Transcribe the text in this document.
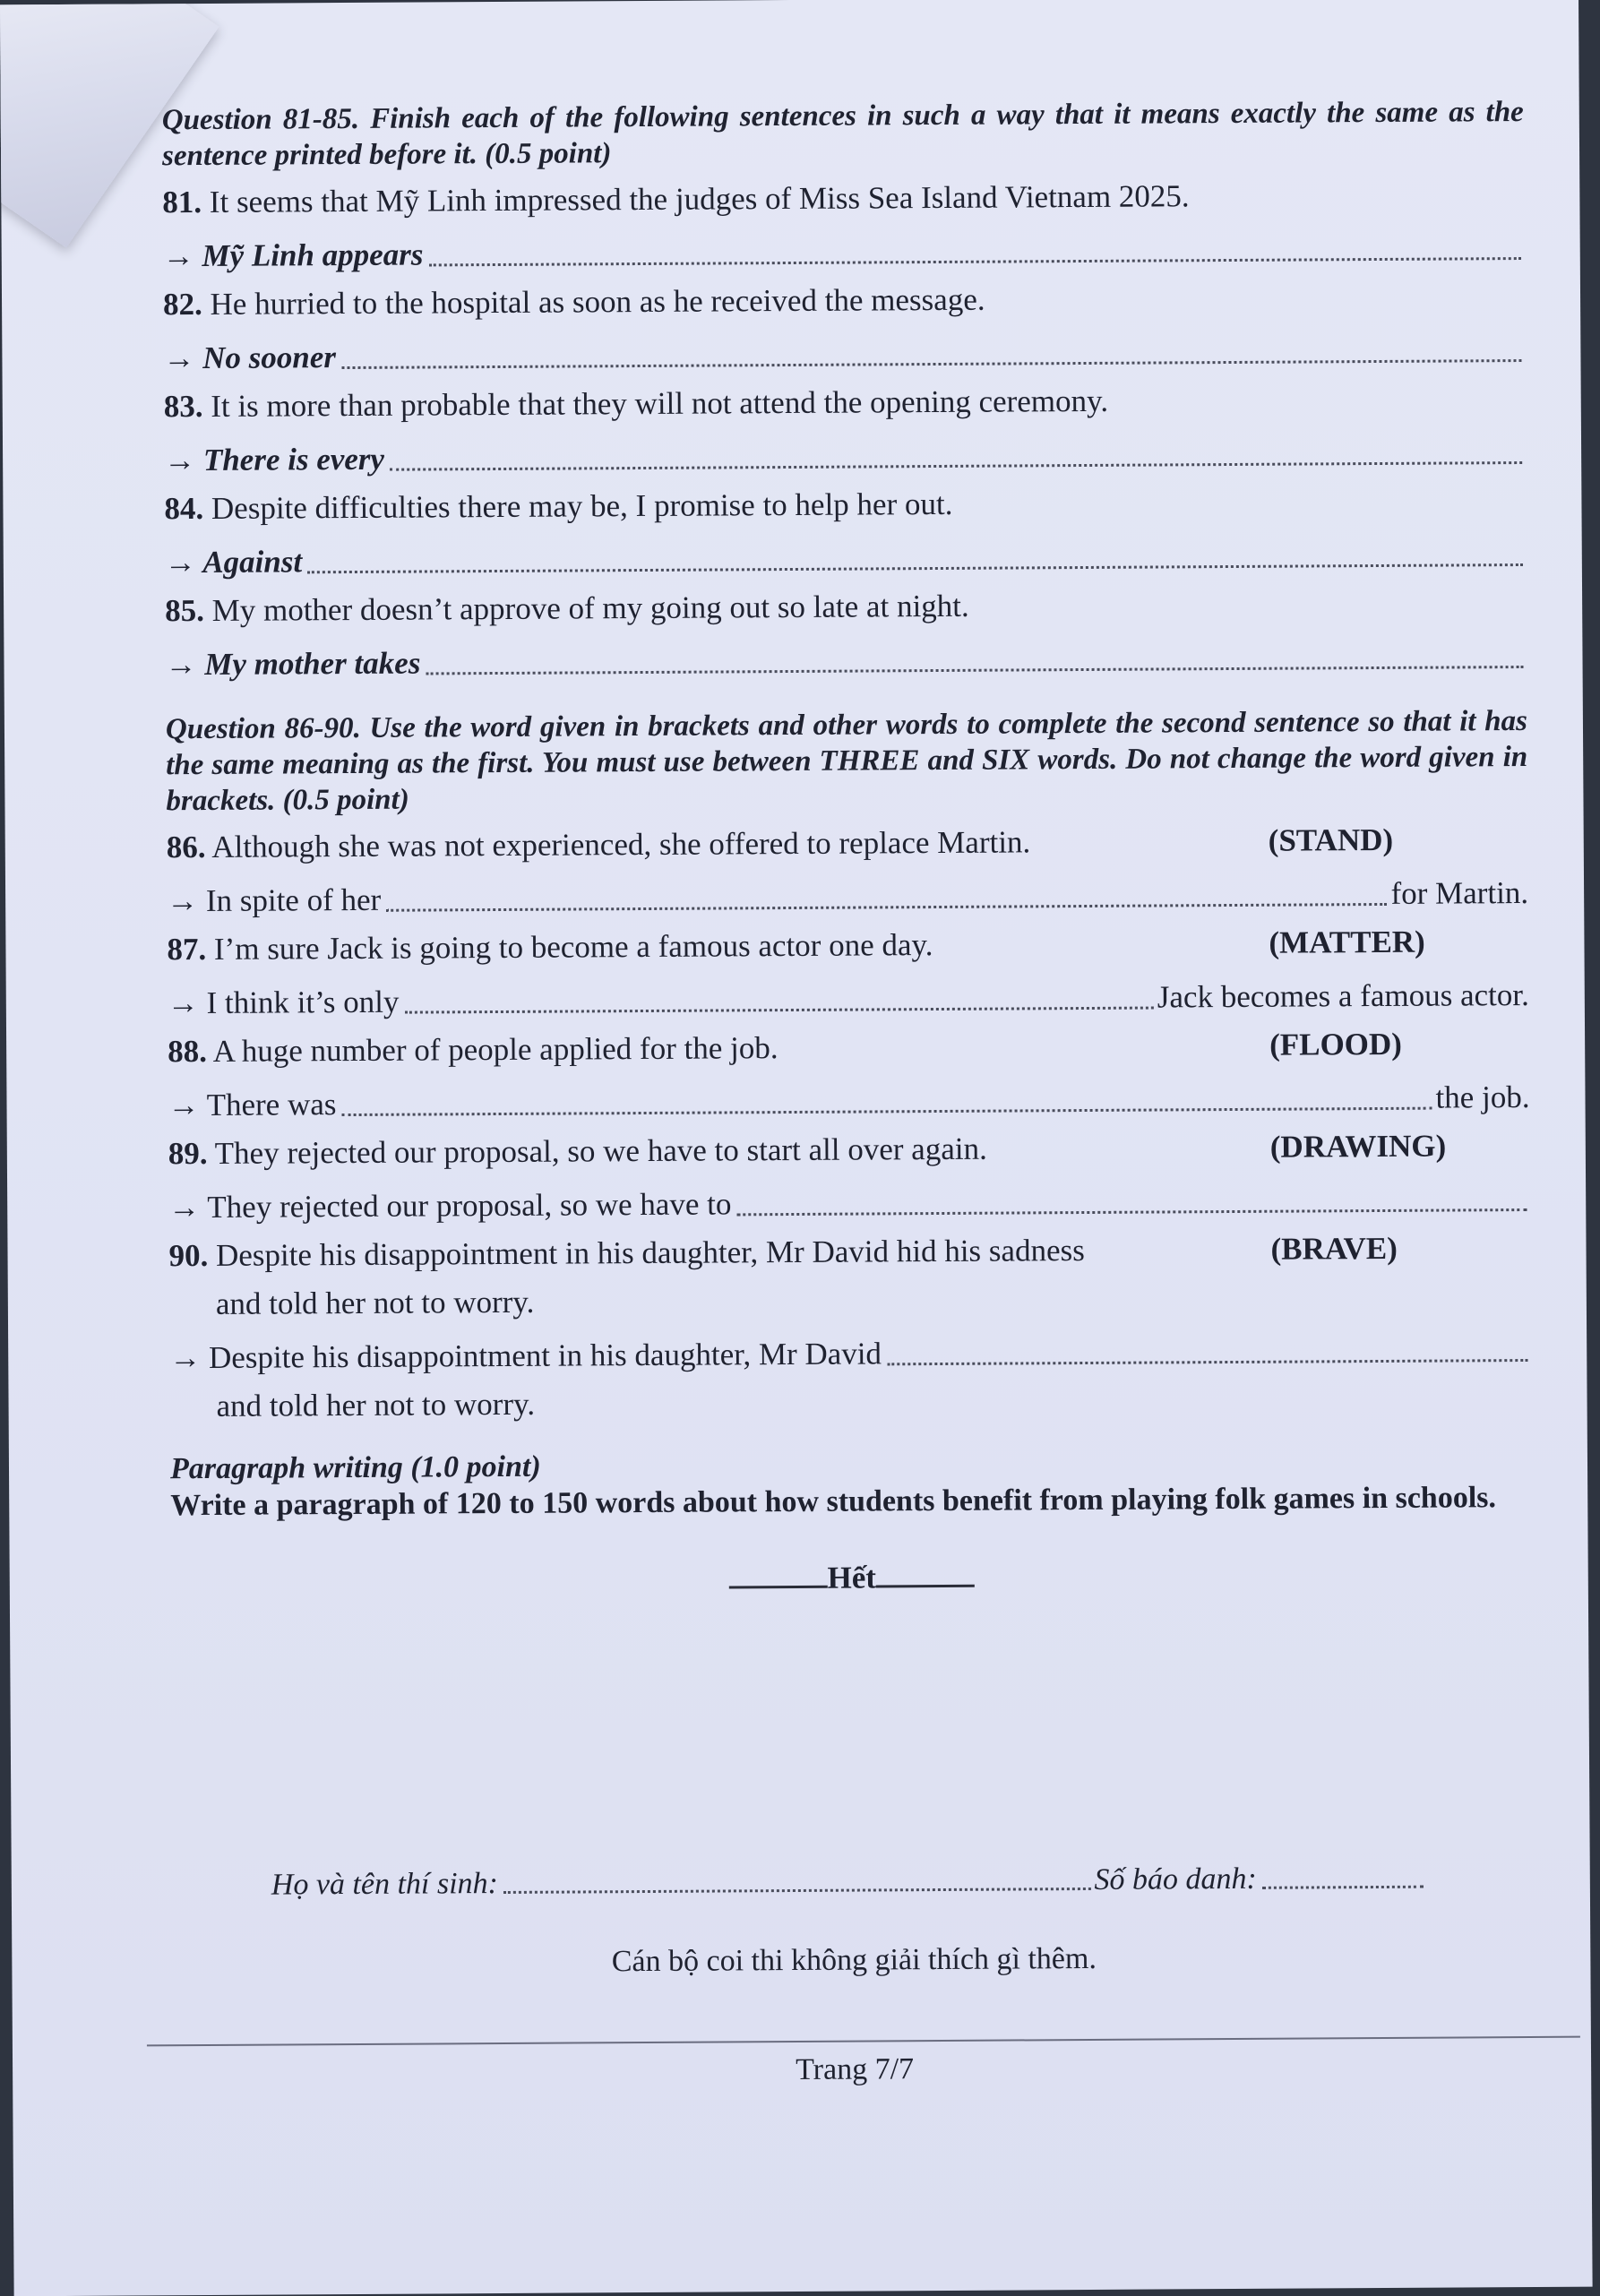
Question 81-85. Finish each of the following sentences in such a way that it means exactly the same as the sentence printed before it. (0.5 point)
81. It seems that Mỹ Linh impressed the judges of Miss Sea Island Vietnam 2025.
→ Mỹ Linh appears
82. He hurried to the hospital as soon as he received the message.
→ No sooner
83. It is more than probable that they will not attend the opening ceremony.
→ There is every
84. Despite difficulties there may be, I promise to help her out.
→ Against
85. My mother doesn’t approve of my going out so late at night.
→ My mother takes
Question 86-90. Use the word given in brackets and other words to complete the second sentence so that it has the same meaning as the first. You must use between THREE and SIX words. Do not change the word given in brackets. (0.5 point)
86. Although she was not experienced, she offered to replace Martin.	(STAND)
→ In spite of her	for Martin.
87. I’m sure Jack is going to become a famous actor one day.	(MATTER)
→ I think it’s only	Jack becomes a famous actor.
88. A huge number of people applied for the job.	(FLOOD)
→ There was	the job.
89. They rejected our proposal, so we have to start all over again.	(DRAWING)
→ They rejected our proposal, so we have to
90. Despite his disappointment in his daughter, Mr David hid his sadness	(BRAVE)
and told her not to worry.
→ Despite his disappointment in his daughter, Mr David
and told her not to worry.
Paragraph writing (1.0 point)
Write a paragraph of 120 to 150 words about how students benefit from playing folk games in schools.
Hết
Họ và tên thí sinh:	Số báo danh:
Cán bộ coi thi không giải thích gì thêm.
Trang 7/7
